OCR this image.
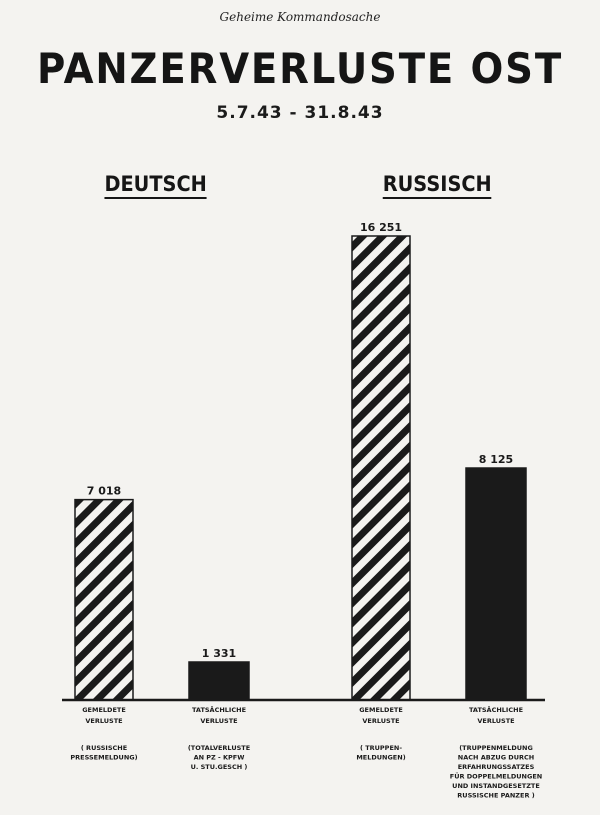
Geheime Kommandosache
PANZERVERLUSTE OST
5.7.43 - 31.8.43
DEUTSCH	RUSSISCH
7 018
GEMELDETE
VERLUSTE
( RUSSISCHE
PRESSEMELDUNG)
1 331
TATSÄCHLICHE
VERLUSTE
(TOTALVERLUSTE
AN PZ - KPFW
U. STU.GESCH )
16 251
GEMELDETE
VERLUSTE
( TRUPPEN-
MELDUNGEN)
8 125
TATSÄCHLICHE
VERLUSTE
(TRUPPENMELDUNG
NACH ABZUG DURCH
ERFAHRUNGSSATZES
FÜR DOPPELMELDUNGEN
UND INSTANDGESETZTE
RUSSISCHE PANZER )
